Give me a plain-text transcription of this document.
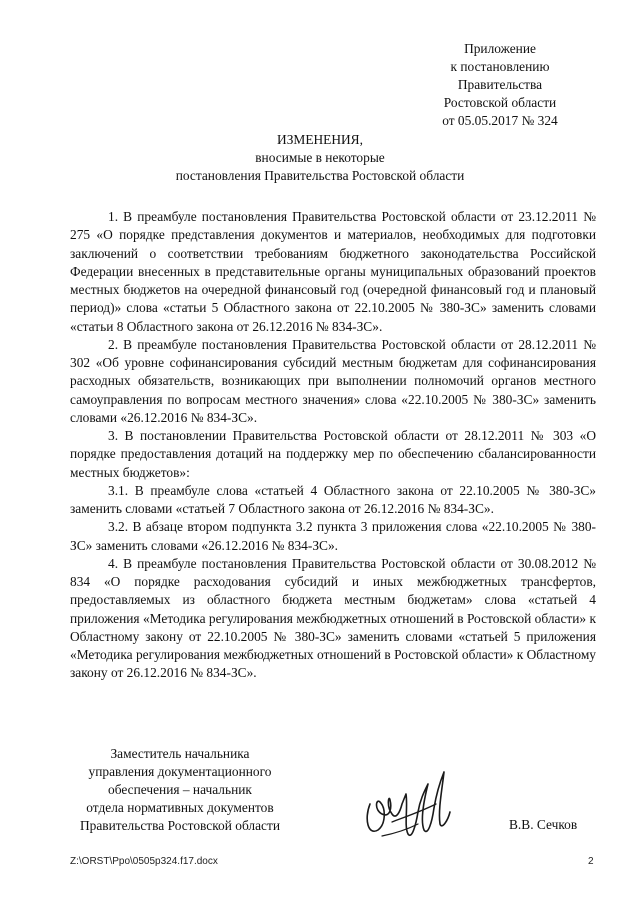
Приложение
к постановлению
Правительства
Ростовской области
от 05.05.2017 № 324
ИЗМЕНЕНИЯ,
вносимые в некоторые
постановления Правительства Ростовской области

1. В преамбуле постановления Правительства Ростовской области от 23.12.2011 № 275 «О порядке представления документов и материалов, необходимых для подготовки заключений о соответствии требованиям бюджетного законодательства Российской Федерации внесенных в представительные органы муниципальных образований проектов местных бюджетов на очередной финансовый год (очередной финансовый год и плановый период)» слова «статьи 5 Областного закона от 22.10.2005 № 380-ЗС» заменить словами «статьи 8 Областного закона от 26.12.2016 № 834-ЗС».

2. В преамбуле постановления Правительства Ростовской области от 28.12.2011 № 302 «Об уровне софинансирования субсидий местным бюджетам для софинансирования расходных обязательств, возникающих при выполнении полномочий органов местного самоуправления по вопросам местного значения» слова «22.10.2005 № 380-ЗС» заменить словами «26.12.2016 № 834-ЗС».

3. В постановлении Правительства Ростовской области от 28.12.2011 № 303 «О порядке предоставления дотаций на поддержку мер по обеспечению сбалансированности местных бюджетов»:

3.1. В преамбуле слова «статьей 4 Областного закона от 22.10.2005 № 380-ЗС» заменить словами «статьей 7 Областного закона от 26.12.2016 № 834-ЗС».

3.2. В абзаце втором подпункта 3.2 пункта 3 приложения слова «22.10.2005 № 380-ЗС» заменить словами «26.12.2016 № 834-ЗС».

4. В преамбуле постановления Правительства Ростовской области от 30.08.2012 № 834 «О порядке расходования субсидий и иных межбюджетных трансфертов, предоставляемых из областного бюджета местным бюджетам» слова «статьей 4 приложения «Методика регулирования межбюджетных отношений в Ростовской области» к Областному закону от 22.10.2005 № 380-ЗС» заменить словами «статьей 5 приложения «Методика регулирования межбюджетных отношений в Ростовской области» к Областному закону от 26.12.2016 № 834-ЗС».

Заместитель начальника
управления документационного
обеспечения – начальник
отдела нормативных документов
Правительства Ростовской области	В.В. Сечков
Z:\ORST\Ppo\0505p324.f17.docx	2
